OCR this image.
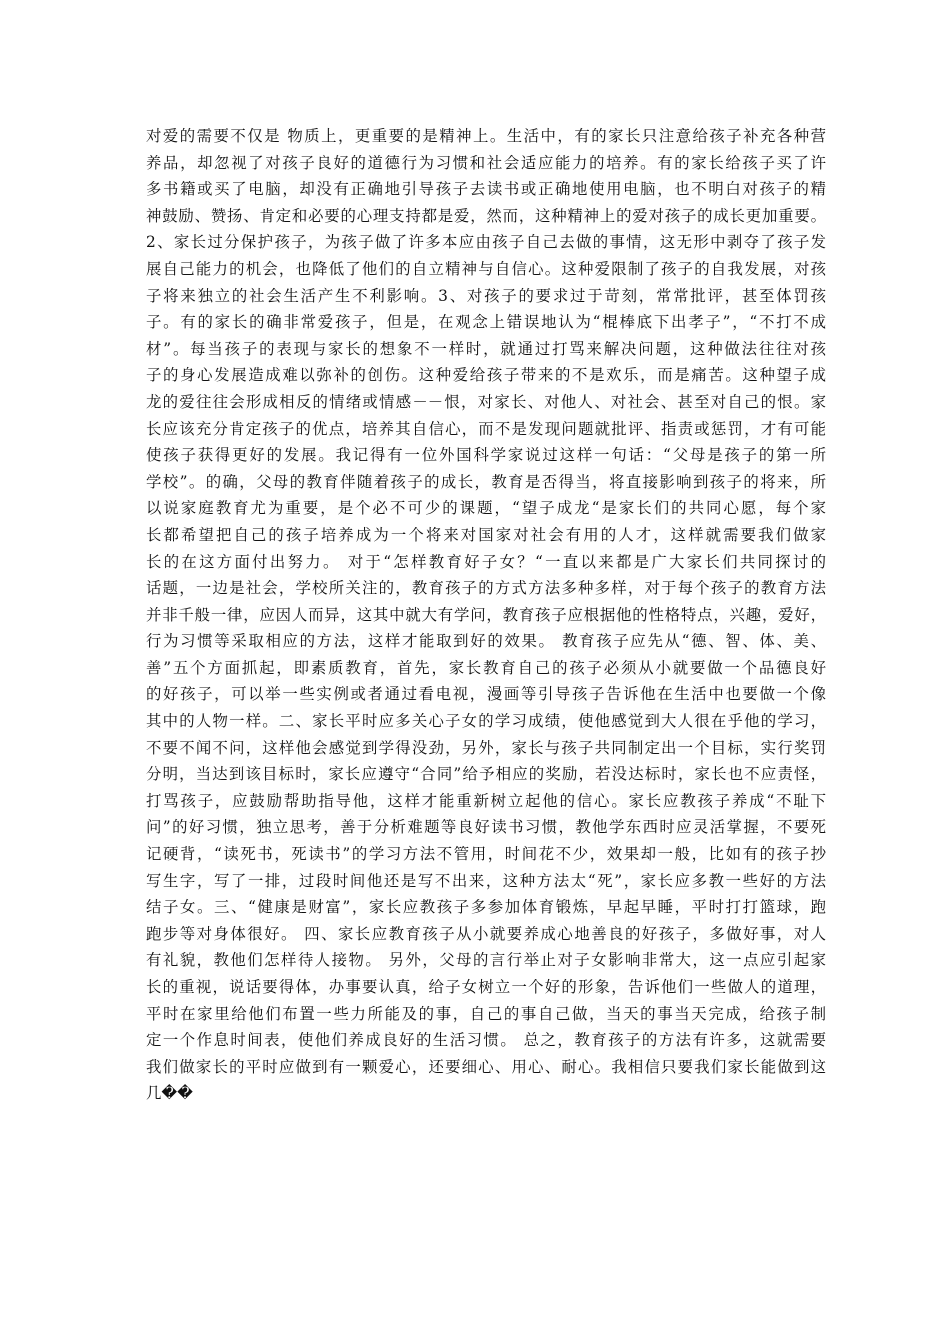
对爱的需要不仅是 物质上，更重要的是精神上。生活中，有的家长只注意给孩子补充各种营
养品，却忽视了对孩子良好的道德行为习惯和社会适应能力的培养。有的家长给孩子买了许
多书籍或买了电脑，却没有正确地引导孩子去读书或正确地使用电脑，也不明白对孩子的精
神鼓励、赞扬、肯定和必要的心理支持都是爱，然而，这种精神上的爱对孩子的成长更加重要。
2、家长过分保护孩子，为孩子做了许多本应由孩子自己去做的事情，这无形中剥夺了孩子发
展自己能力的机会，也降低了他们的自立精神与自信心。这种爱限制了孩子的自我发展，对孩
子将来独立的社会生活产生不利影响。3、对孩子的要求过于苛刻，常常批评，甚至体罚孩
子。有的家长的确非常爱孩子，但是，在观念上错误地认为“棍棒底下出孝子”，“不打不成
材”。每当孩子的表现与家长的想象不一样时，就通过打骂来解决问题，这种做法往往对孩
子的身心发展造成难以弥补的创伤。这种爱给孩子带来的不是欢乐，而是痛苦。这种望子成
龙的爱往往会形成相反的情绪或情感－－恨，对家长、对他人、对社会、甚至对自己的恨。家
长应该充分肯定孩子的优点，培养其自信心，而不是发现问题就批评、指责或惩罚，才有可能
使孩子获得更好的发展。我记得有一位外国科学家说过这样一句话：“父母是孩子的第一所
学校”。的确，父母的教育伴随着孩子的成长，教育是否得当，将直接影响到孩子的将来，所
以说家庭教育尤为重要，是个必不可少的课题，“望子成龙“是家长们的共同心愿，每个家
长都希望把自己的孩子培养成为一个将来对国家对社会有用的人才，这样就需要我们做家
长的在这方面付出努力。 对于“怎样教育好子女？“一直以来都是广大家长们共同探讨的
话题，一边是社会，学校所关注的，教育孩子的方式方法多种多样，对于每个孩子的教育方法
并非千般一律，应因人而异，这其中就大有学问，教育孩子应根据他的性格特点，兴趣，爱好，
行为习惯等采取相应的方法，这样才能取到好的效果。 教育孩子应先从“德、智、体、美、
善”五个方面抓起，即素质教育，首先，家长教育自己的孩子必须从小就要做一个品德良好
的好孩子，可以举一些实例或者通过看电视，漫画等引导孩子告诉他在生活中也要做一个像
其中的人物一样。二、家长平时应多关心子女的学习成绩，使他感觉到大人很在乎他的学习，
不要不闻不问，这样他会感觉到学得没劲，另外，家长与孩子共同制定出一个目标，实行奖罚
分明，当达到该目标时，家长应遵守“合同”给予相应的奖励，若没达标时，家长也不应责怪，
打骂孩子，应鼓励帮助指导他，这样才能重新树立起他的信心。家长应教孩子养成“不耻下
问”的好习惯，独立思考，善于分析难题等良好读书习惯，教他学东西时应灵活掌握，不要死
记硬背，“读死书，死读书”的学习方法不管用，时间花不少，效果却一般，比如有的孩子抄
写生字，写了一排，过段时间他还是写不出来，这种方法太“死”，家长应多教一些好的方法
结子女。三、“健康是财富”，家长应教孩子多参加体育锻炼，早起早睡，平时打打篮球，跑
跑步等对身体很好。 四、家长应教育孩子从小就要养成心地善良的好孩子，多做好事，对人
有礼貌，教他们怎样待人接物。 另外，父母的言行举止对子女影响非常大，这一点应引起家
长的重视，说话要得体，办事要认真，给子女树立一个好的形象，告诉他们一些做人的道理，
平时在家里给他们布置一些力所能及的事，自己的事自己做，当天的事当天完成，给孩子制
定一个作息时间表，使他们养成良好的生活习惯。 总之，教育孩子的方法有许多，这就需要
我们做家长的平时应做到有一颗爱心，还要细心、用心、耐心。我相信只要我们家长能做到这
几��
